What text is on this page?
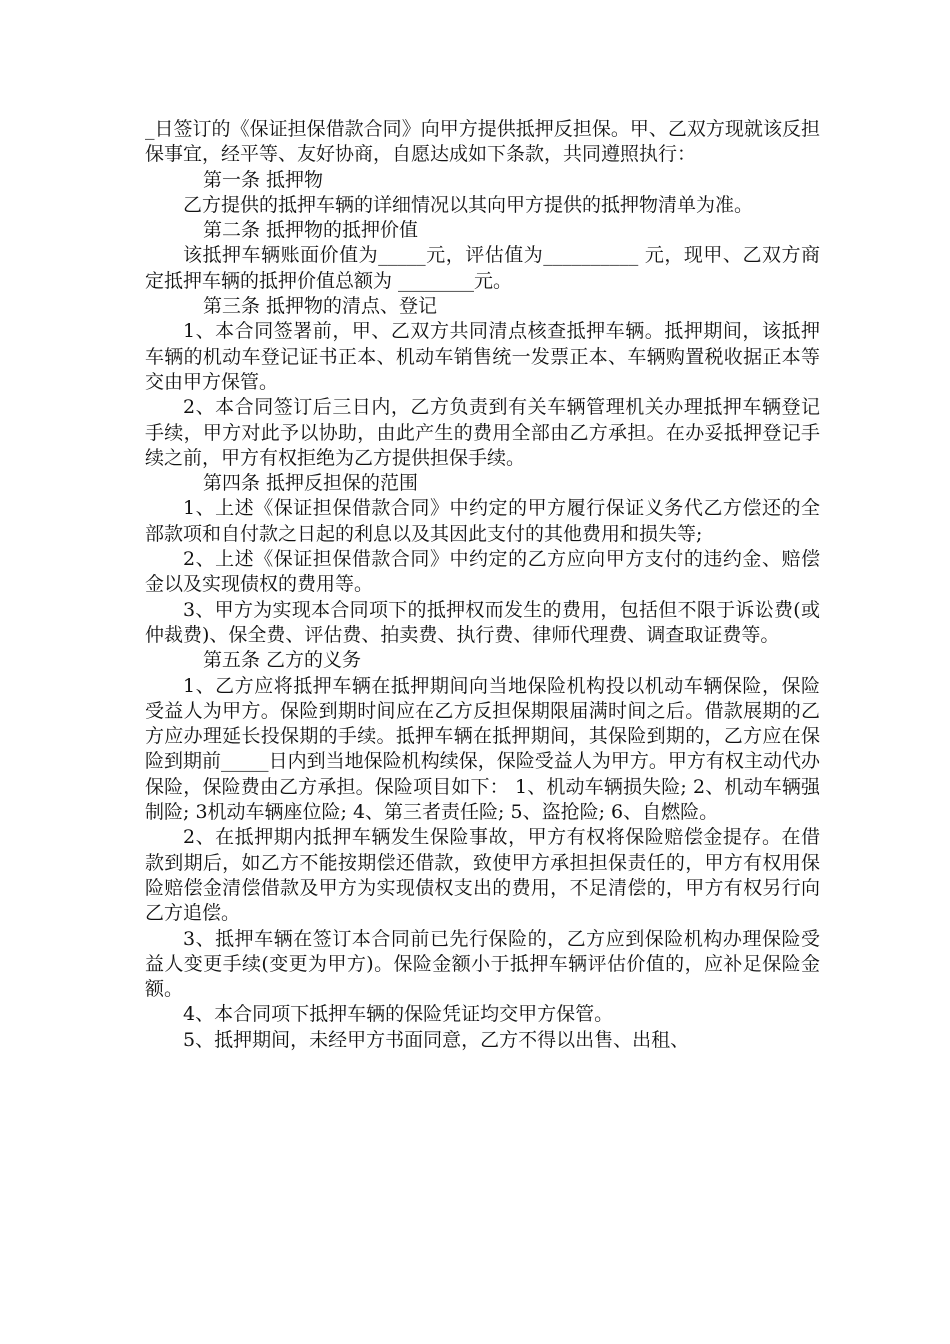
_日签订的《保证担保借款合同》向甲方提供抵押反担保。甲、乙双方现就该反担保事宜，经平等、友好协商，自愿达成如下条款，共同遵照执行：

第一条 抵押物

乙方提供的抵押车辆的详细情况以其向甲方提供的抵押物清单为准。

第二条 抵押物的抵押价值

该抵押车辆账面价值为_____元，评估值为__________ 元，现甲、乙双方商定抵押车辆的抵押价值总额为 ________元。

第三条 抵押物的清点、登记

1、本合同签署前，甲、乙双方共同清点核查抵押车辆。抵押期间，该抵押车辆的机动车登记证书正本、机动车销售统一发票正本、车辆购置税收据正本等交由甲方保管。

2、本合同签订后三日内，乙方负责到有关车辆管理机关办理抵押车辆登记手续，甲方对此予以协助，由此产生的费用全部由乙方承担。在办妥抵押登记手续之前，甲方有权拒绝为乙方提供担保手续。

第四条 抵押反担保的范围

1、上述《保证担保借款合同》中约定的甲方履行保证义务代乙方偿还的全部款项和自付款之日起的利息以及其因此支付的其他费用和损失等;

2、上述《保证担保借款合同》中约定的乙方应向甲方支付的违约金、赔偿金以及实现债权的费用等。

3、甲方为实现本合同项下的抵押权而发生的费用，包括但不限于诉讼费(或仲裁费)、保全费、评估费、拍卖费、执行费、律师代理费、调查取证费等。

第五条 乙方的义务

1、乙方应将抵押车辆在抵押期间向当地保险机构投以机动车辆保险，保险受益人为甲方。保险到期时间应在乙方反担保期限届满时间之后。借款展期的乙方应办理延长投保期的手续。抵押车辆在抵押期间，其保险到期的，乙方应在保险到期前_____日内到当地保险机构续保，保险受益人为甲方。甲方有权主动代办保险，保险费由乙方承担。保险项目如下： 1、机动车辆损失险; 2、机动车辆强制险; 3机动车辆座位险; 4、第三者责任险; 5、盗抢险; 6、自燃险。

2、在抵押期内抵押车辆发生保险事故，甲方有权将保险赔偿金提存。在借款到期后，如乙方不能按期偿还借款，致使甲方承担担保责任的，甲方有权用保险赔偿金清偿借款及甲方为实现债权支出的费用，不足清偿的，甲方有权另行向乙方追偿。

3、抵押车辆在签订本合同前已先行保险的，乙方应到保险机构办理保险受益人变更手续(变更为甲方)。保险金额小于抵押车辆评估价值的，应补足保险金额。

4、本合同项下抵押车辆的保险凭证均交甲方保管。

5、抵押期间，未经甲方书面同意，乙方不得以出售、出租、
